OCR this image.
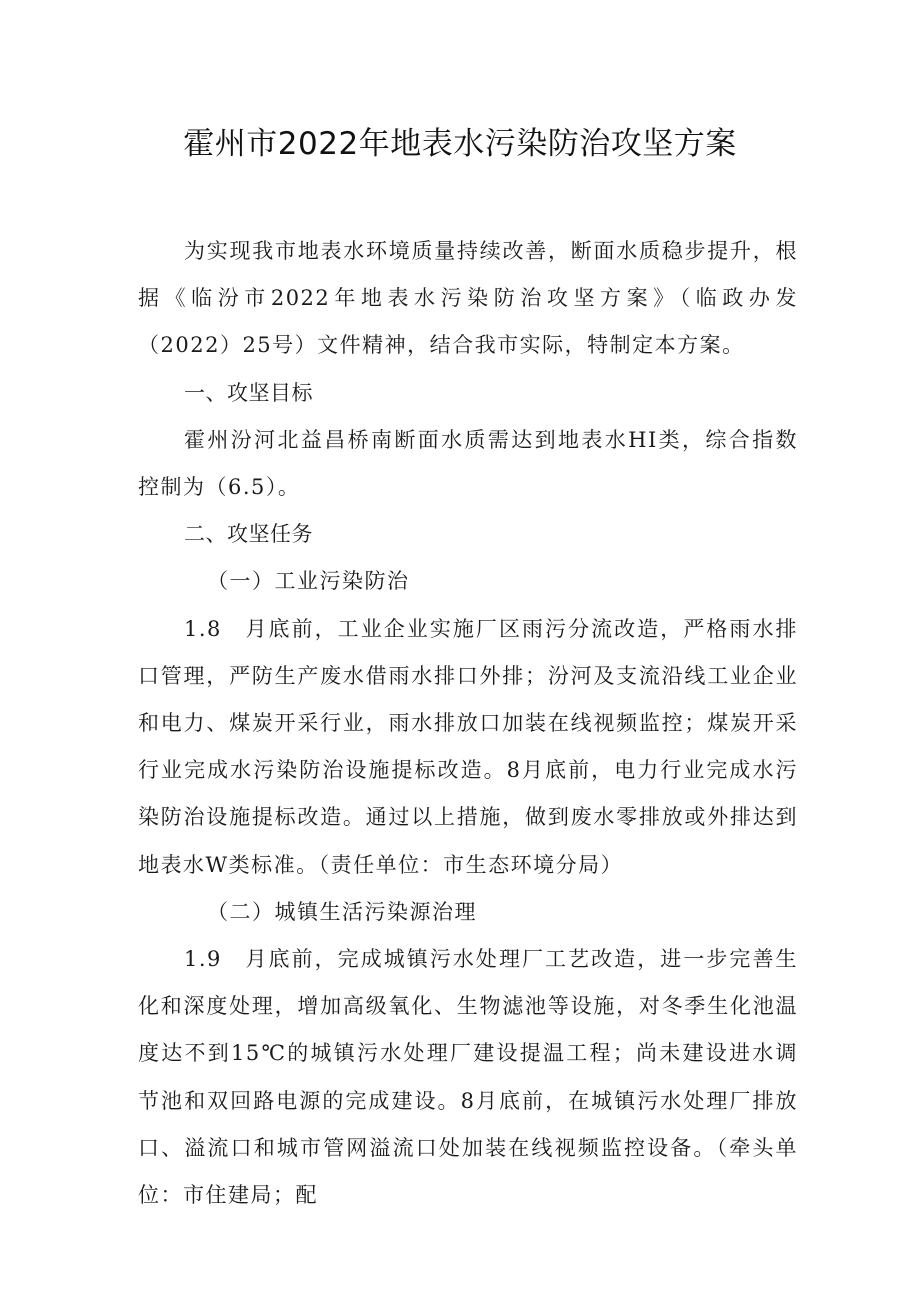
霍州市2022年地表水污染防治攻坚方案

为实现我市地表水环境质量持续改善，断面水质稳步提升，根据《临汾市2022年地表水污染防治攻坚方案》（临政办发（2022）25号）文件精神，结合我市实际，特制定本方案。

一、攻坚目标

霍州汾河北益昌桥南断面水质需达到地表水HI类，综合指数控制为（6.5）。

二、攻坚任务

（一）工业污染防治

1.8　月底前，工业企业实施厂区雨污分流改造，严格雨水排口管理，严防生产废水借雨水排口外排；汾河及支流沿线工业企业和电力、煤炭开采行业，雨水排放口加装在线视频监控；煤炭开采行业完成水污染防治设施提标改造。8月底前，电力行业完成水污染防治设施提标改造。通过以上措施，做到废水零排放或外排达到地表水W类标准。（责任单位：市生态环境分局）

（二）城镇生活污染源治理

1.9　月底前，完成城镇污水处理厂工艺改造，进一步完善生化和深度处理，增加高级氧化、生物滤池等设施，对冬季生化池温度达不到15℃的城镇污水处理厂建设提温工程；尚未建设进水调节池和双回路电源的完成建设。8月底前，在城镇污水处理厂排放口、溢流口和城市管网溢流口处加装在线视频监控设备。（牵头单位：市住建局；配
